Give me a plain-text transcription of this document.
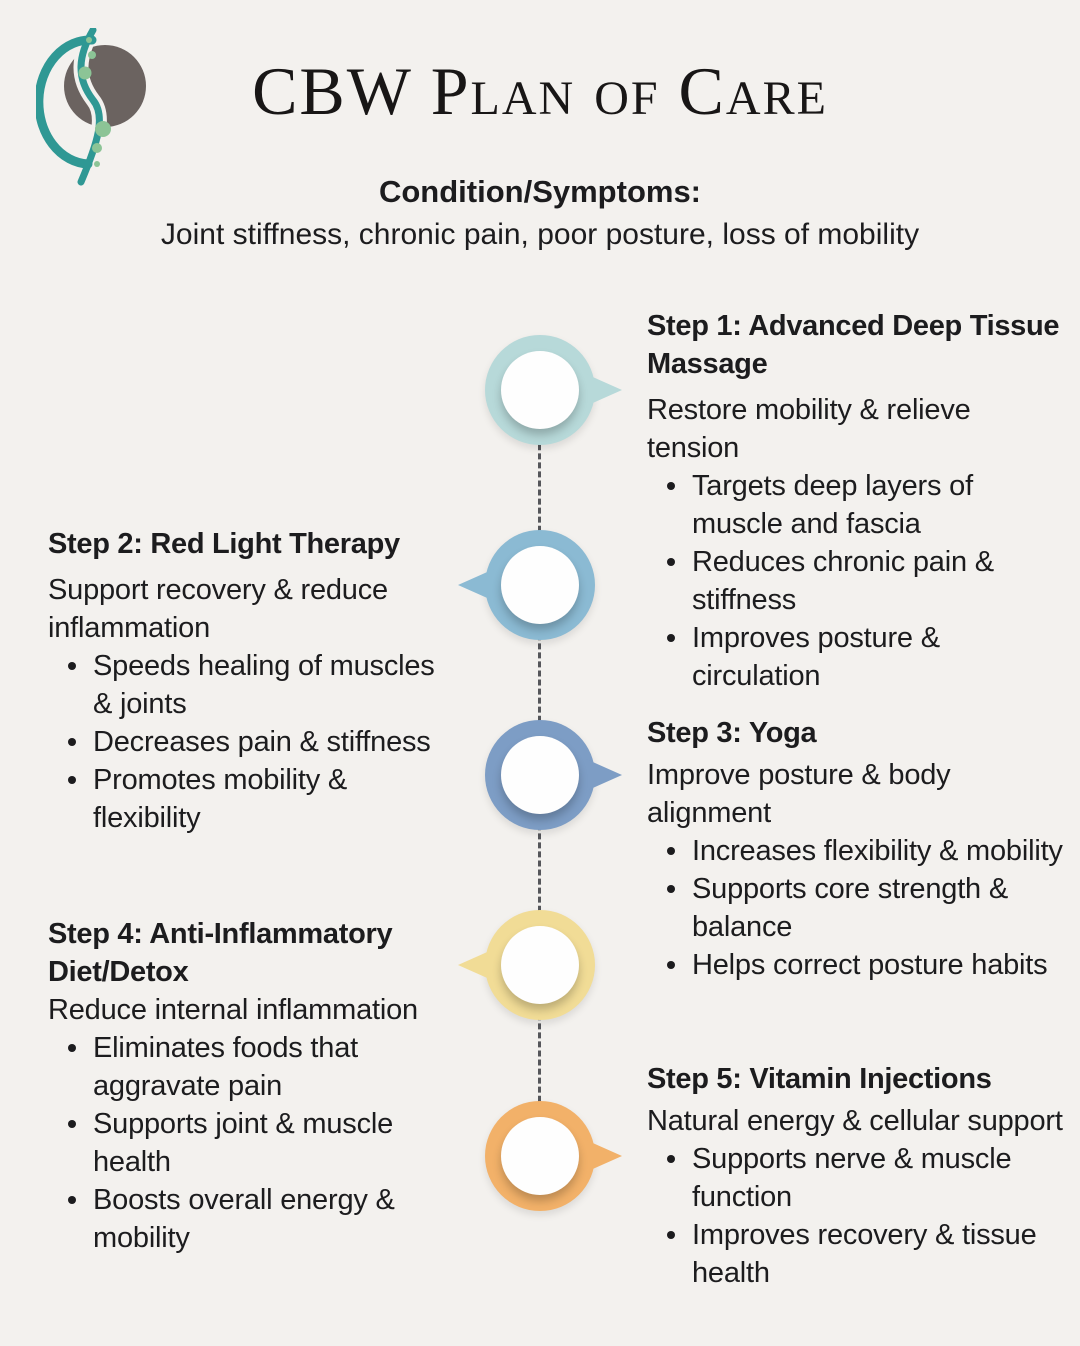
CBW Plan of Care
Condition/Symptoms:
Joint stiffness, chronic pain, poor posture, loss of mobility
Step 1: Advanced Deep Tissue Massage

Restore mobility & relieve tension

Targets deep layers of muscle and fascia
Reduces chronic pain & stiffness
Improves posture & circulation
Step 2: Red Light Therapy

Support recovery & reduce inflammation

Speeds healing of muscles & joints
Decreases pain & stiffness
Promotes mobility & flexibility
Step 3: Yoga

Improve posture & body alignment

Increases flexibility & mobility
Supports core strength & balance
Helps correct posture habits
Step 4: Anti-Inflammatory Diet/Detox

Reduce internal inflammation

Eliminates foods that aggravate pain
Supports joint & muscle health
Boosts overall energy & mobility
Step 5: Vitamin Injections

Natural energy & cellular support

Supports nerve & muscle function
Improves recovery & tissue health
